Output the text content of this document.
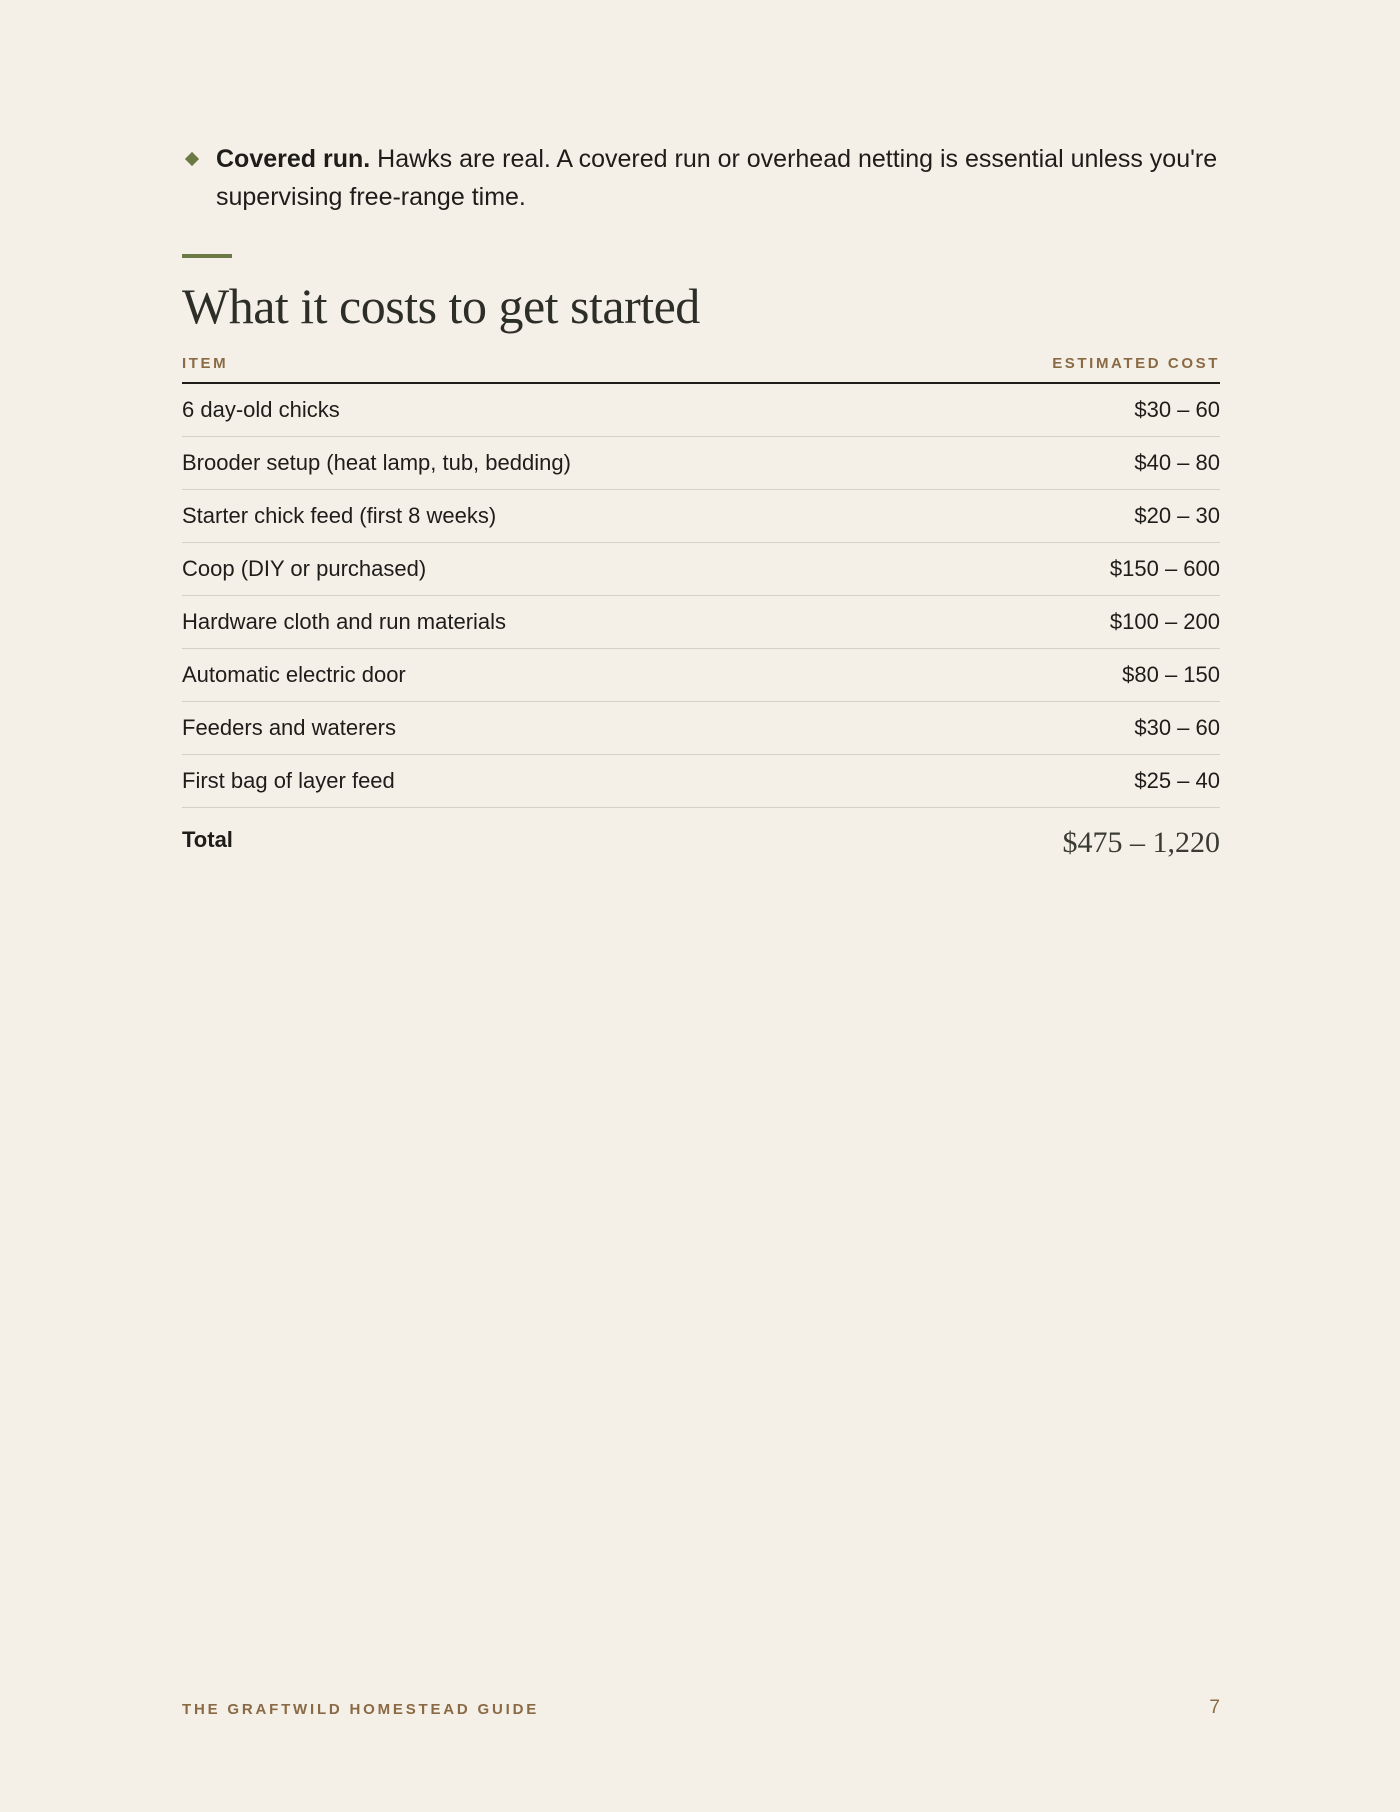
Covered run. Hawks are real. A covered run or overhead netting is essential unless you're supervising free-range time.
What it costs to get started
ITEM	ESTIMATED COST
6 day-old chicks	$30 – 60
Brooder setup (heat lamp, tub, bedding)	$40 – 80
Starter chick feed (first 8 weeks)	$20 – 30
Coop (DIY or purchased)	$150 – 600
Hardware cloth and run materials	$100 – 200
Automatic electric door	$80 – 150
Feeders and waterers	$30 – 60
First bag of layer feed	$25 – 40
Total	$475 – 1,220
THE GRAFTWILD HOMESTEAD GUIDE	7
